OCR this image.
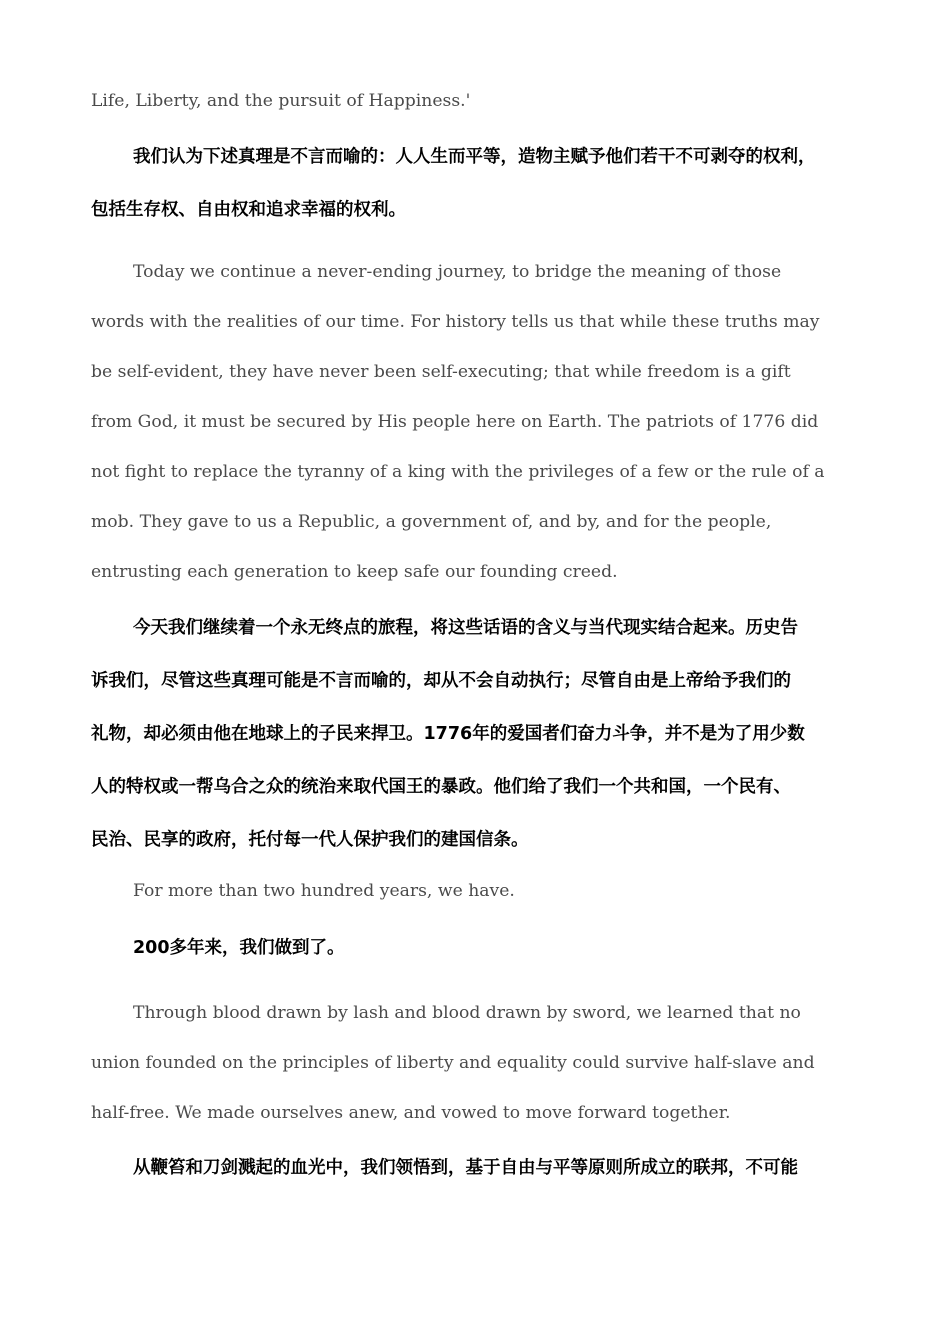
Life, Liberty, and the pursuit of Happiness.'

我们认为下述真理是不言而喻的：人人生而平等，造物主赋予他们若干不可剥夺的权利，
包括生存权、自由权和追求幸福的权利。

Today we continue a never-ending journey, to bridge the meaning of those
words with the realities of our time. For history tells us that while these truths may
be self-evident, they have never been self-executing; that while freedom is a gift
from God, it must be secured by His people here on Earth. The patriots of 1776 did
not fight to replace the tyranny of a king with the privileges of a few or the rule of a
mob. They gave to us a Republic, a government of, and by, and for the people,
entrusting each generation to keep safe our founding creed.

今天我们继续着一个永无终点的旅程，将这些话语的含义与当代现实结合起来。历史告
诉我们，尽管这些真理可能是不言而喻的，却从不会自动执行；尽管自由是上帝给予我们的
礼物，却必须由他在地球上的子民来捍卫。1776年的爱国者们奋力斗争，并不是为了用少数
人的特权或一帮乌合之众的统治来取代国王的暴政。他们给了我们一个共和国，一个民有、
民治、民享的政府，托付每一代人保护我们的建国信条。

For more than two hundred years, we have.

200多年来，我们做到了。

Through blood drawn by lash and blood drawn by sword, we learned that no
union founded on the principles of liberty and equality could survive half-slave and
half-free. We made ourselves anew, and vowed to move forward together.

从鞭笞和刀剑溅起的血光中，我们领悟到，基于自由与平等原则所成立的联邦，不可能
